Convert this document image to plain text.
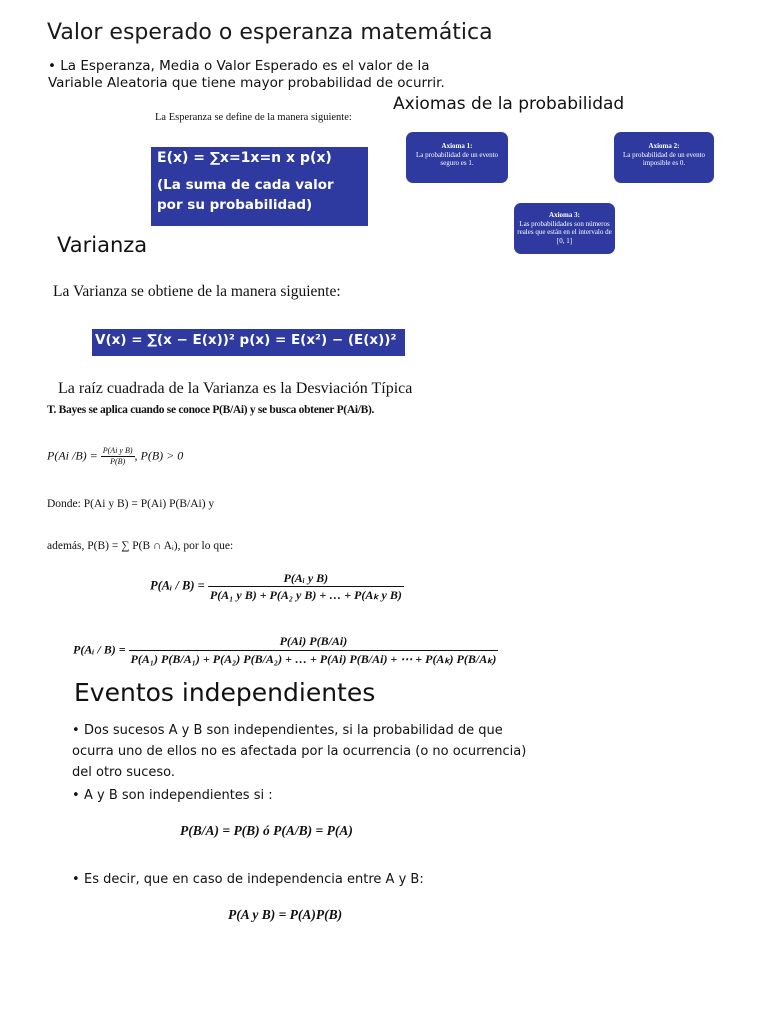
Valor esperado o esperanza matemática
• La Esperanza, Media o Valor Esperado es el valor de la Variable Aleatoria que tiene mayor probabilidad de ocurrir.
La Esperanza se define de la manera siguiente:
E(x) = ∑x=1x=n x p(x)
(La suma de cada valor por su probabilidad)
Axiomas de la probabilidad
Axioma 1:
La probabilidad de un evento seguro es 1.
Axioma 2:
La probabilidad de un evento imposible es 0.
Axioma 3:
Las probabilidades son números reales que están en el intervalo de [0, 1]
Varianza
La Varianza se obtiene de la manera siguiente:
V(x) = ∑(x − E(x))² p(x) = E(x²) − (E(x))²
La raíz cuadrada de la Varianza es la Desviación Típica
T. Bayes se aplica cuando se conoce P(B/Ai) y se busca obtener P(Ai/B).
P(Ai $/B) = \frac{\text{P(Ai y B)}}{P(B)}$ , P(B) > 0
Donde: P(Ai y B) = P(Ai) P(B/Ai) y
además, P(B) = ∑ P(B ∩ Aᵢ), por lo que:
P(Aᵢ / $B) = \frac{\text{P(Aᵢ y B)}}{\text{P(A₁ y B) + P(A₂ y B) + … + P(Aₖ y B)}}$
P(Aᵢ / B) =
P(Ai) P(B/Ai)
P(A₁) P(B/A₁) + P(A₂) P(B/A₂) + … + P(Ai) P(B/Ai) + ⋯ + P(Aₖ) P(B/Aₖ)
Eventos independientes
• Dos sucesos A y B son independientes, si la probabilidad de que ocurra uno de ellos no es afectada por la ocurrencia (o no ocurrencia) del otro suceso.
• A y B son independientes si :
P(B/A) = P(B) ó P(A/B) = P(A)
• Es decir, que en caso de independencia entre A y B:
P(A y B) = P(A)P(B)
